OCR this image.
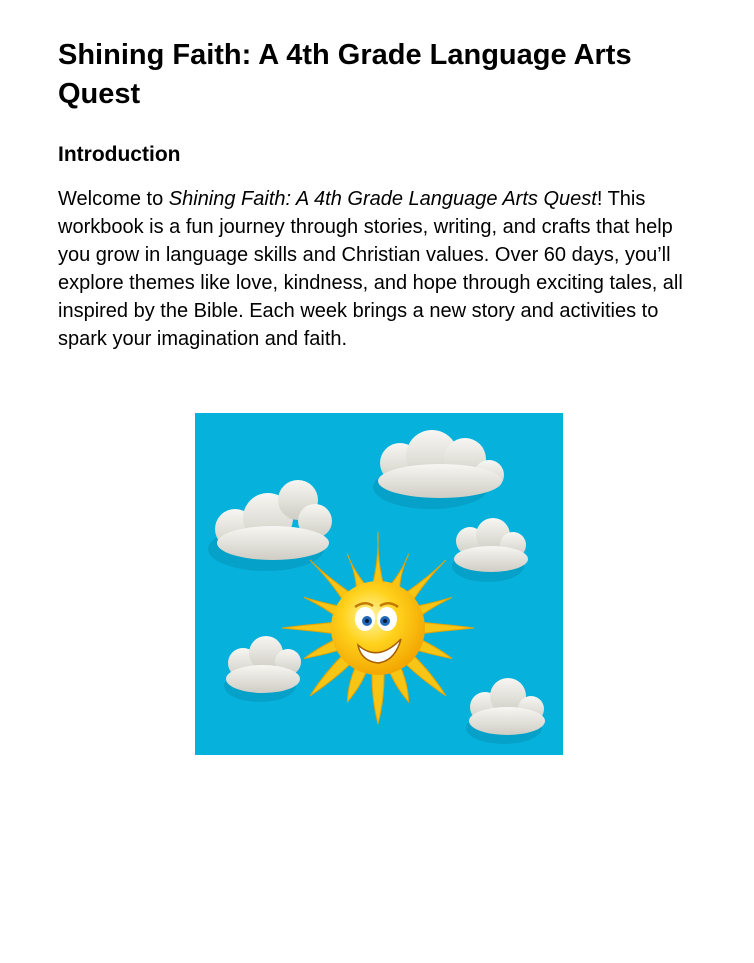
Shining Faith: A 4th Grade Language Arts Quest
Introduction

Welcome to Shining Faith: A 4th Grade Language Arts Quest! This workbook is a fun journey through stories, writing, and crafts that help you grow in language skills and Christian values. Over 60 days, you’ll explore themes like love, kindness, and hope through exciting tales, all inspired by the Bible. Each week brings a new story and activities to spark your imagination and faith.
